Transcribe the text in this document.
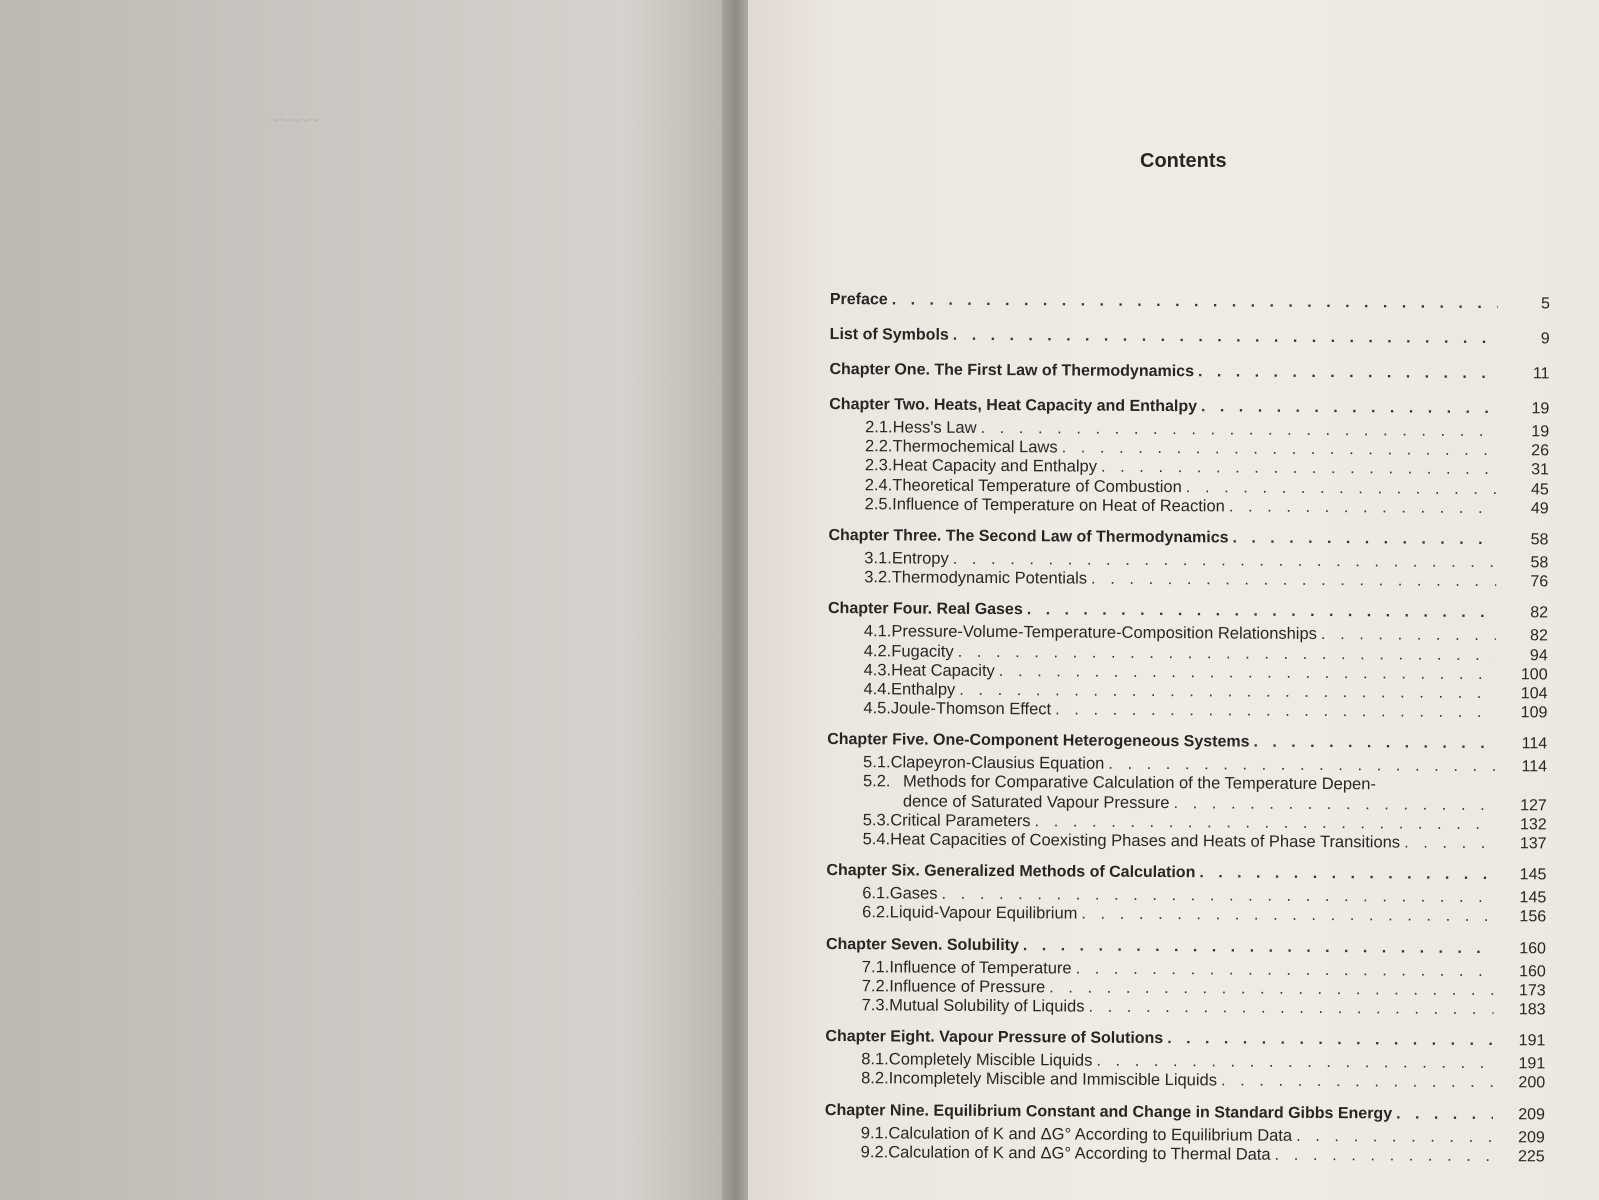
~~~~~

Contents
Preface . . .	5
List of Symbols . . .	9
Chapter One. The First Law of Thermodynamics . . .	11
Chapter Two. Heats, Heat Capacity and Enthalpy . . .	19
2.1. Hess's Law . . .	19
2.2. Thermochemical Laws . . .	26
2.3. Heat Capacity and Enthalpy . . .	31
2.4. Theoretical Temperature of Combustion . . .	45
2.5. Influence of Temperature on Heat of Reaction . . .	49
Chapter Three. The Second Law of Thermodynamics . . .	58
3.1. Entropy . . .	58
3.2. Thermodynamic Potentials . . .	76
Chapter Four. Real Gases . . .	82
4.1. Pressure-Volume-Temperature-Composition Relationships . . .	82
4.2. Fugacity . . .	94
4.3. Heat Capacity . . .	100
4.4. Enthalpy . . .	104
4.5. Joule-Thomson Effect . . .	109
Chapter Five. One-Component Heterogeneous Systems . . .	114
5.1. Clapeyron-Clausius Equation . . .	114
5.2. Methods for Comparative Calculation of the Temperature Depen-
dence of Saturated Vapour Pressure . . .	127
5.3. Critical Parameters . . .	132
5.4. Heat Capacities of Coexisting Phases and Heats of Phase Transitions . . .	137
Chapter Six. Generalized Methods of Calculation . . .	145
6.1. Gases . . .	145
6.2. Liquid-Vapour Equilibrium . . .	156
Chapter Seven. Solubility . . .	160
7.1. Influence of Temperature . . .	160
7.2. Influence of Pressure . . .	173
7.3. Mutual Solubility of Liquids . . .	183
Chapter Eight. Vapour Pressure of Solutions . . .	191
8.1. Completely Miscible Liquids . . .	191
8.2. Incompletely Miscible and Immiscible Liquids . . .	200
Chapter Nine. Equilibrium Constant and Change in Standard Gibbs Energy . . .	209
9.1. Calculation of K and ΔG° According to Equilibrium Data . . .	209
9.2. Calculation of K and ΔG° According to Thermal Data . . .	225
